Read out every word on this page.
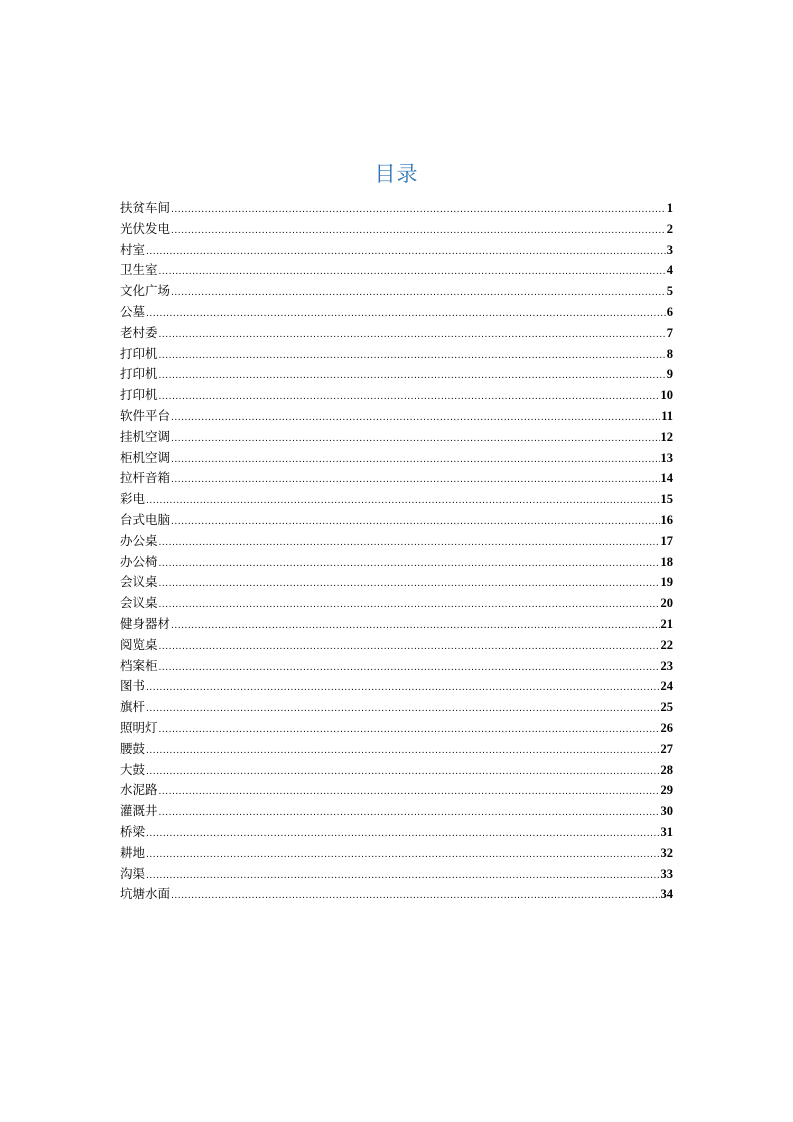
目录
扶贫车间 .....	1
光伏发电 .....	2
村室 .....	3
卫生室 .....	4
文化广场 .....	5
公墓 .....	6
老村委 .....	7
打印机 .....	8
打印机 .....	9
打印机 .....	10
软件平台 .....	11
挂机空调 .....	12
柜机空调 .....	13
拉杆音箱 .....	14
彩电 .....	15
台式电脑 .....	16
办公桌 .....	17
办公椅 .....	18
会议桌 .....	19
会议桌 .....	20
健身器材 .....	21
阅览桌 .....	22
档案柜 .....	23
图书 .....	24
旗杆 .....	25
照明灯 .....	26
腰鼓 .....	27
大鼓 .....	28
水泥路 .....	29
灌溉井 .....	30
桥梁 .....	31
耕地 .....	32
沟渠 .....	33
坑塘水面 .....	34
